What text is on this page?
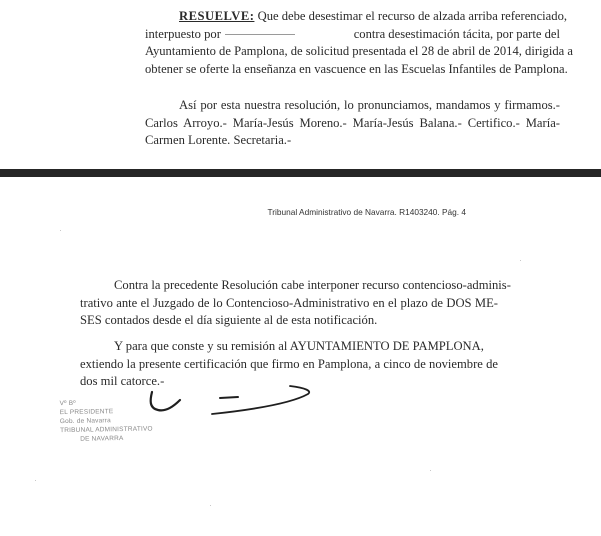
RESUELVE: Que debe desestimar el recurso de alzada arriba referenciado,
interpuesto por	contra desestimación tácita, por parte del
Ayuntamiento de Pamplona, de solicitud presentada el 28 de abril de 2014, dirigida a
obtener se oferte la enseñanza en vascuence en las Escuelas Infantiles de Pamplona.

Así por esta nuestra resolución, lo pronunciamos, mandamos y firmamos.-
Carlos Arroyo.- María-Jesús Moreno.- María-Jesús Balana.- Certifico.- María-
Carmen Lorente. Secretaria.-

Tribunal Administrativo de Navarra. R1403240. Pág. 4

Contra la precedente Resolución cabe interponer recurso contencioso-adminis-
trativo ante el Juzgado de lo Contencioso-Administrativo en el plazo de DOS ME-
SES contados desde el día siguiente al de esta notificación.

Y para que conste y su remisión al AYUNTAMIENTO DE PAMPLONA,
extiendo la presente certificación que firmo en Pamplona, a cinco de noviembre de
dos mil catorce.-

Vº Bº
EL PRESIDENTE
Gob. de Navarra
TRIBUNAL ADMINISTRATIVO
DE NAVARRA
